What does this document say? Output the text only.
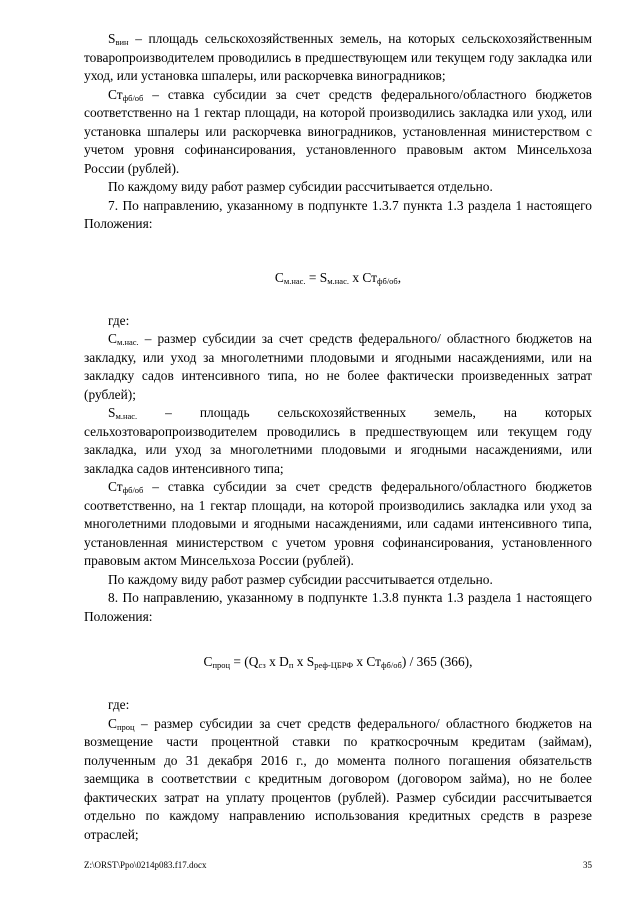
$S_{вин}$ – площадь сельскохозяйственных земель, на которых сельскохозяйственным товаропроизводителем проводились в предшествующем или текущем году закладка или уход, или установка шпалеры, или раскорчевка виноградников;

$Ст_{фб/об}$ – ставка субсидии за счет средств федерального/областного бюджетов соответственно на 1 гектар площади, на которой производились закладка или уход, или установка шпалеры или раскорчевка виноградников, установленная министерством с учетом уровня софинансирования, установленного правовым актом Минсельхоза России (рублей).

По каждому виду работ размер субсидии рассчитывается отдельно.

7. По направлению, указанному в подпункте 1.3.7 пункта 1.3 раздела 1 настоящего Положения:

$С_{м.нас.} = S_{м.нас.}$ х $Ст_{фб/об}$,

где:

$С_{м.нас.}$ – размер субсидии за счет средств федерального/ областного бюджетов на закладку, или уход за многолетними плодовыми и ягодными насаждениями, или на закладку садов интенсивного типа, но не более фактически произведенных затрат (рублей);

$S_{м.нас.}$ – площадь сельскохозяйственных земель, на которых сельхозтоваропроизводителем проводились в предшествующем или текущем году закладка, или уход за многолетними плодовыми и ягодными насаждениями, или закладка садов интенсивного типа;

$Ст_{фб/об}$ – ставка субсидии за счет средств федерального/областного бюджетов соответственно, на 1 гектар площади, на которой производились закладка или уход за многолетними плодовыми и ягодными насаждениями, или садами интенсивного типа, установленная министерством с учетом уровня софинансирования, установленного правовым актом Минсельхоза России (рублей).

По каждому виду работ размер субсидии рассчитывается отдельно.

8. По направлению, указанному в подпункте 1.3.8 пункта 1.3 раздела 1 настоящего Положения:

$С_{проц} = (Q_{сз}$ х $D_п$ х $S_{реф-ЦБРФ}$ х $Ст_{фб/об}) / 365$ (366),

где:

$С_{проц}$ – размер субсидии за счет средств федерального/ областного бюджетов на возмещение части процентной ставки по краткосрочным кредитам (займам), полученным до 31 декабря 2016 г., до момента полного погашения обязательств заемщика в соответствии с кредитным договором (договором займа), но не более фактических затрат на уплату процентов (рублей). Размер субсидии рассчитывается отдельно по каждому направлению использования кредитных средств в разрезе отраслей;

Z:\ORST\Ppo\0214p083.f17.docx	35
